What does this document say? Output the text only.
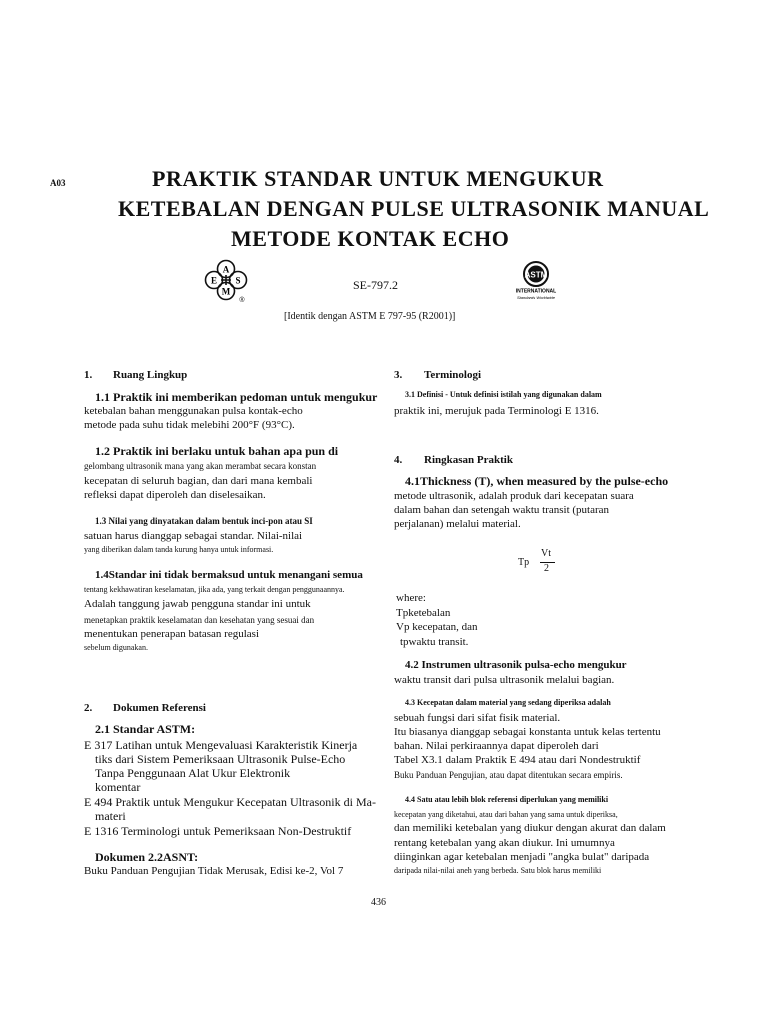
A03	PRAKTIK STANDAR UNTUK MENGUKUR
KETEBALAN DENGAN PULSE ULTRASONIK MANUAL
METODE KONTAK ECHO
A
S
M
E
®
SE-797.2
ASTM
INTERNATIONAL
Standards Worldwide
[Identik dengan ASTM E 797-95 (R2001)]
1. Ruang Lingkup
1.1 Praktik ini memberikan pedoman untuk mengukur
ketebalan bahan menggunakan pulsa kontak-echo
metode pada suhu tidak melebihi 200°F (93°C).
1.2 Praktik ini berlaku untuk bahan apa pun di
gelombang ultrasonik mana yang akan merambat secara konstan
kecepatan di seluruh bagian, dan dari mana kembali
refleksi dapat diperoleh dan diselesaikan.
1.3 Nilai yang dinyatakan dalam bentuk inci-pon atau SI
satuan harus dianggap sebagai standar. Nilai-nilai
yang diberikan dalam tanda kurung hanya untuk informasi.
1.4Standar ini tidak bermaksud untuk menangani semua
tentang kekhawatiran keselamatan, jika ada, yang terkait dengan penggunaannya.
Adalah tanggung jawab pengguna standar ini untuk
menetapkan praktik keselamatan dan kesehatan yang sesuai dan
menentukan penerapan batasan regulasi
sebelum digunakan.
2. Dokumen Referensi
2.1 Standar ASTM:
E 317 Latihan untuk Mengevaluasi Karakteristik Kinerja
tiks dari Sistem Pemeriksaan Ultrasonik Pulse-Echo
Tanpa Penggunaan Alat Ukur Elektronik
komentar
E 494 Praktik untuk Mengukur Kecepatan Ultrasonik di Ma-
materi
E 1316 Terminologi untuk Pemeriksaan Non-Destruktif
Dokumen 2.2ASNT:
Buku Panduan Pengujian Tidak Merusak, Edisi ke-2, Vol 7
3. Terminologi
3.1 Definisi - Untuk definisi istilah yang digunakan dalam
praktik ini, merujuk pada Terminologi E 1316.
4. Ringkasan Praktik
4.1Thickness (T), when measured by the pulse-echo
metode ultrasonik, adalah produk dari kecepatan suara
dalam bahan dan setengah waktu transit (putaran
perjalanan) melalui material.
Tp
Vt
2
where:
Tpketebalan
Vp kecepatan, dan
tpwaktu transit.
4.2 Instrumen ultrasonik pulsa-echo mengukur
waktu transit dari pulsa ultrasonik melalui bagian.
4.3 Kecepatan dalam material yang sedang diperiksa adalah
sebuah fungsi dari sifat fisik material.
Itu biasanya dianggap sebagai konstanta untuk kelas tertentu
bahan. Nilai perkiraannya dapat diperoleh dari
Tabel X3.1 dalam Praktik E 494 atau dari Nondestruktif
Buku Panduan Pengujian, atau dapat ditentukan secara empiris.
4.4 Satu atau lebih blok referensi diperlukan yang memiliki
kecepatan yang diketahui, atau dari bahan yang sama untuk diperiksa,
dan memiliki ketebalan yang diukur dengan akurat dan dalam
rentang ketebalan yang akan diukur. Ini umumnya
diinginkan agar ketebalan menjadi "angka bulat" daripada
daripada nilai-nilai aneh yang berbeda. Satu blok harus memiliki
436
